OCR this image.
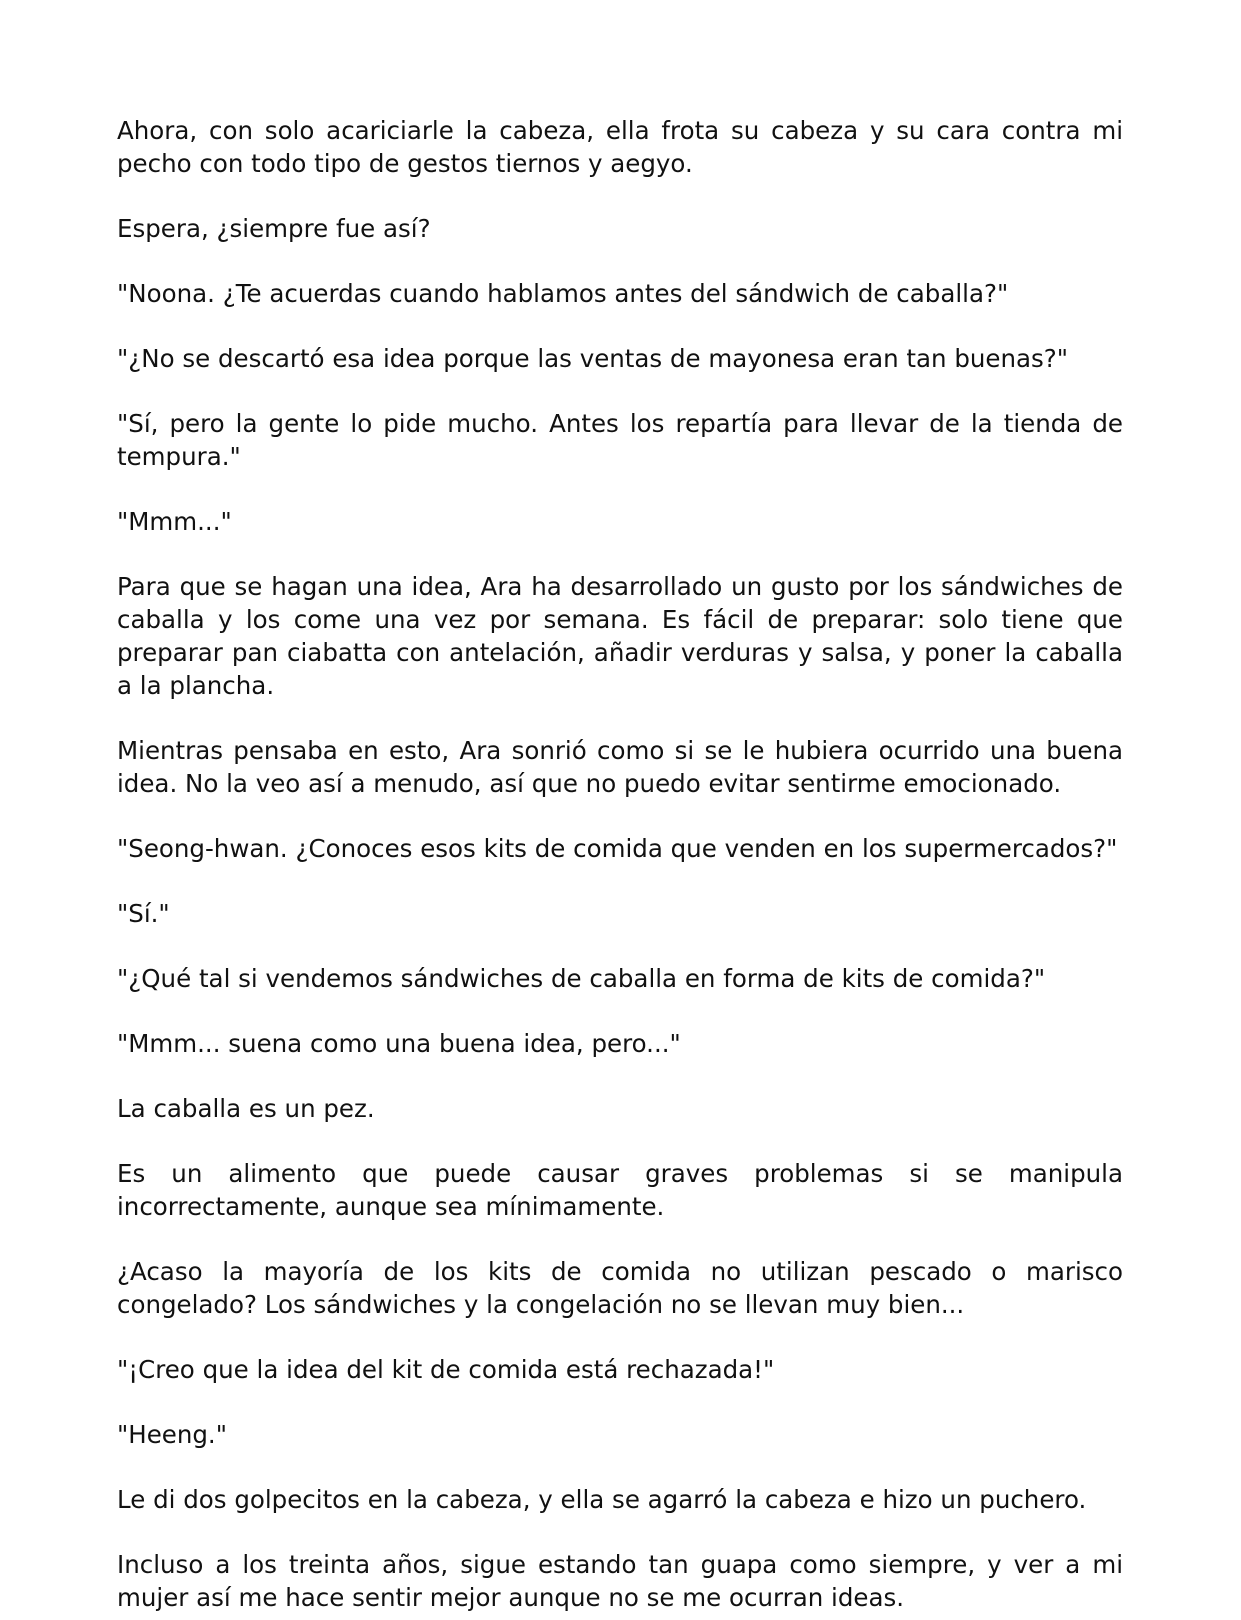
Ahora, con solo acariciarle la cabeza, ella frota su cabeza y su cara contra mi pecho con todo tipo de gestos tiernos y aegyo.

Espera, ¿siempre fue así?

"Noona. ¿Te acuerdas cuando hablamos antes del sándwich de caballa?"

"¿No se descartó esa idea porque las ventas de mayonesa eran tan buenas?"

"Sí, pero la gente lo pide mucho. Antes los repartía para llevar de la tienda de tempura."

"Mmm..."

Para que se hagan una idea, Ara ha desarrollado un gusto por los sándwiches de caballa y los come una vez por semana. Es fácil de preparar: solo tiene que preparar pan ciabatta con antelación, añadir verduras y salsa, y poner la caballa a la plancha.

Mientras pensaba en esto, Ara sonrió como si se le hubiera ocurrido una buena idea. No la veo así a menudo, así que no puedo evitar sentirme emocionado.

"Seong-hwan. ¿Conoces esos kits de comida que venden en los supermercados?"

"Sí."

"¿Qué tal si vendemos sándwiches de caballa en forma de kits de comida?"

"Mmm... suena como una buena idea, pero..."

La caballa es un pez.

Es un alimento que puede causar graves problemas si se manipula incorrectamente, aunque sea mínimamente.

¿Acaso la mayoría de los kits de comida no utilizan pescado o marisco congelado? Los sándwiches y la congelación no se llevan muy bien...

"¡Creo que la idea del kit de comida está rechazada!"

"Heeng."

Le di dos golpecitos en la cabeza, y ella se agarró la cabeza e hizo un puchero.

Incluso a los treinta años, sigue estando tan guapa como siempre, y ver a mi mujer así me hace sentir mejor aunque no se me ocurran ideas.
